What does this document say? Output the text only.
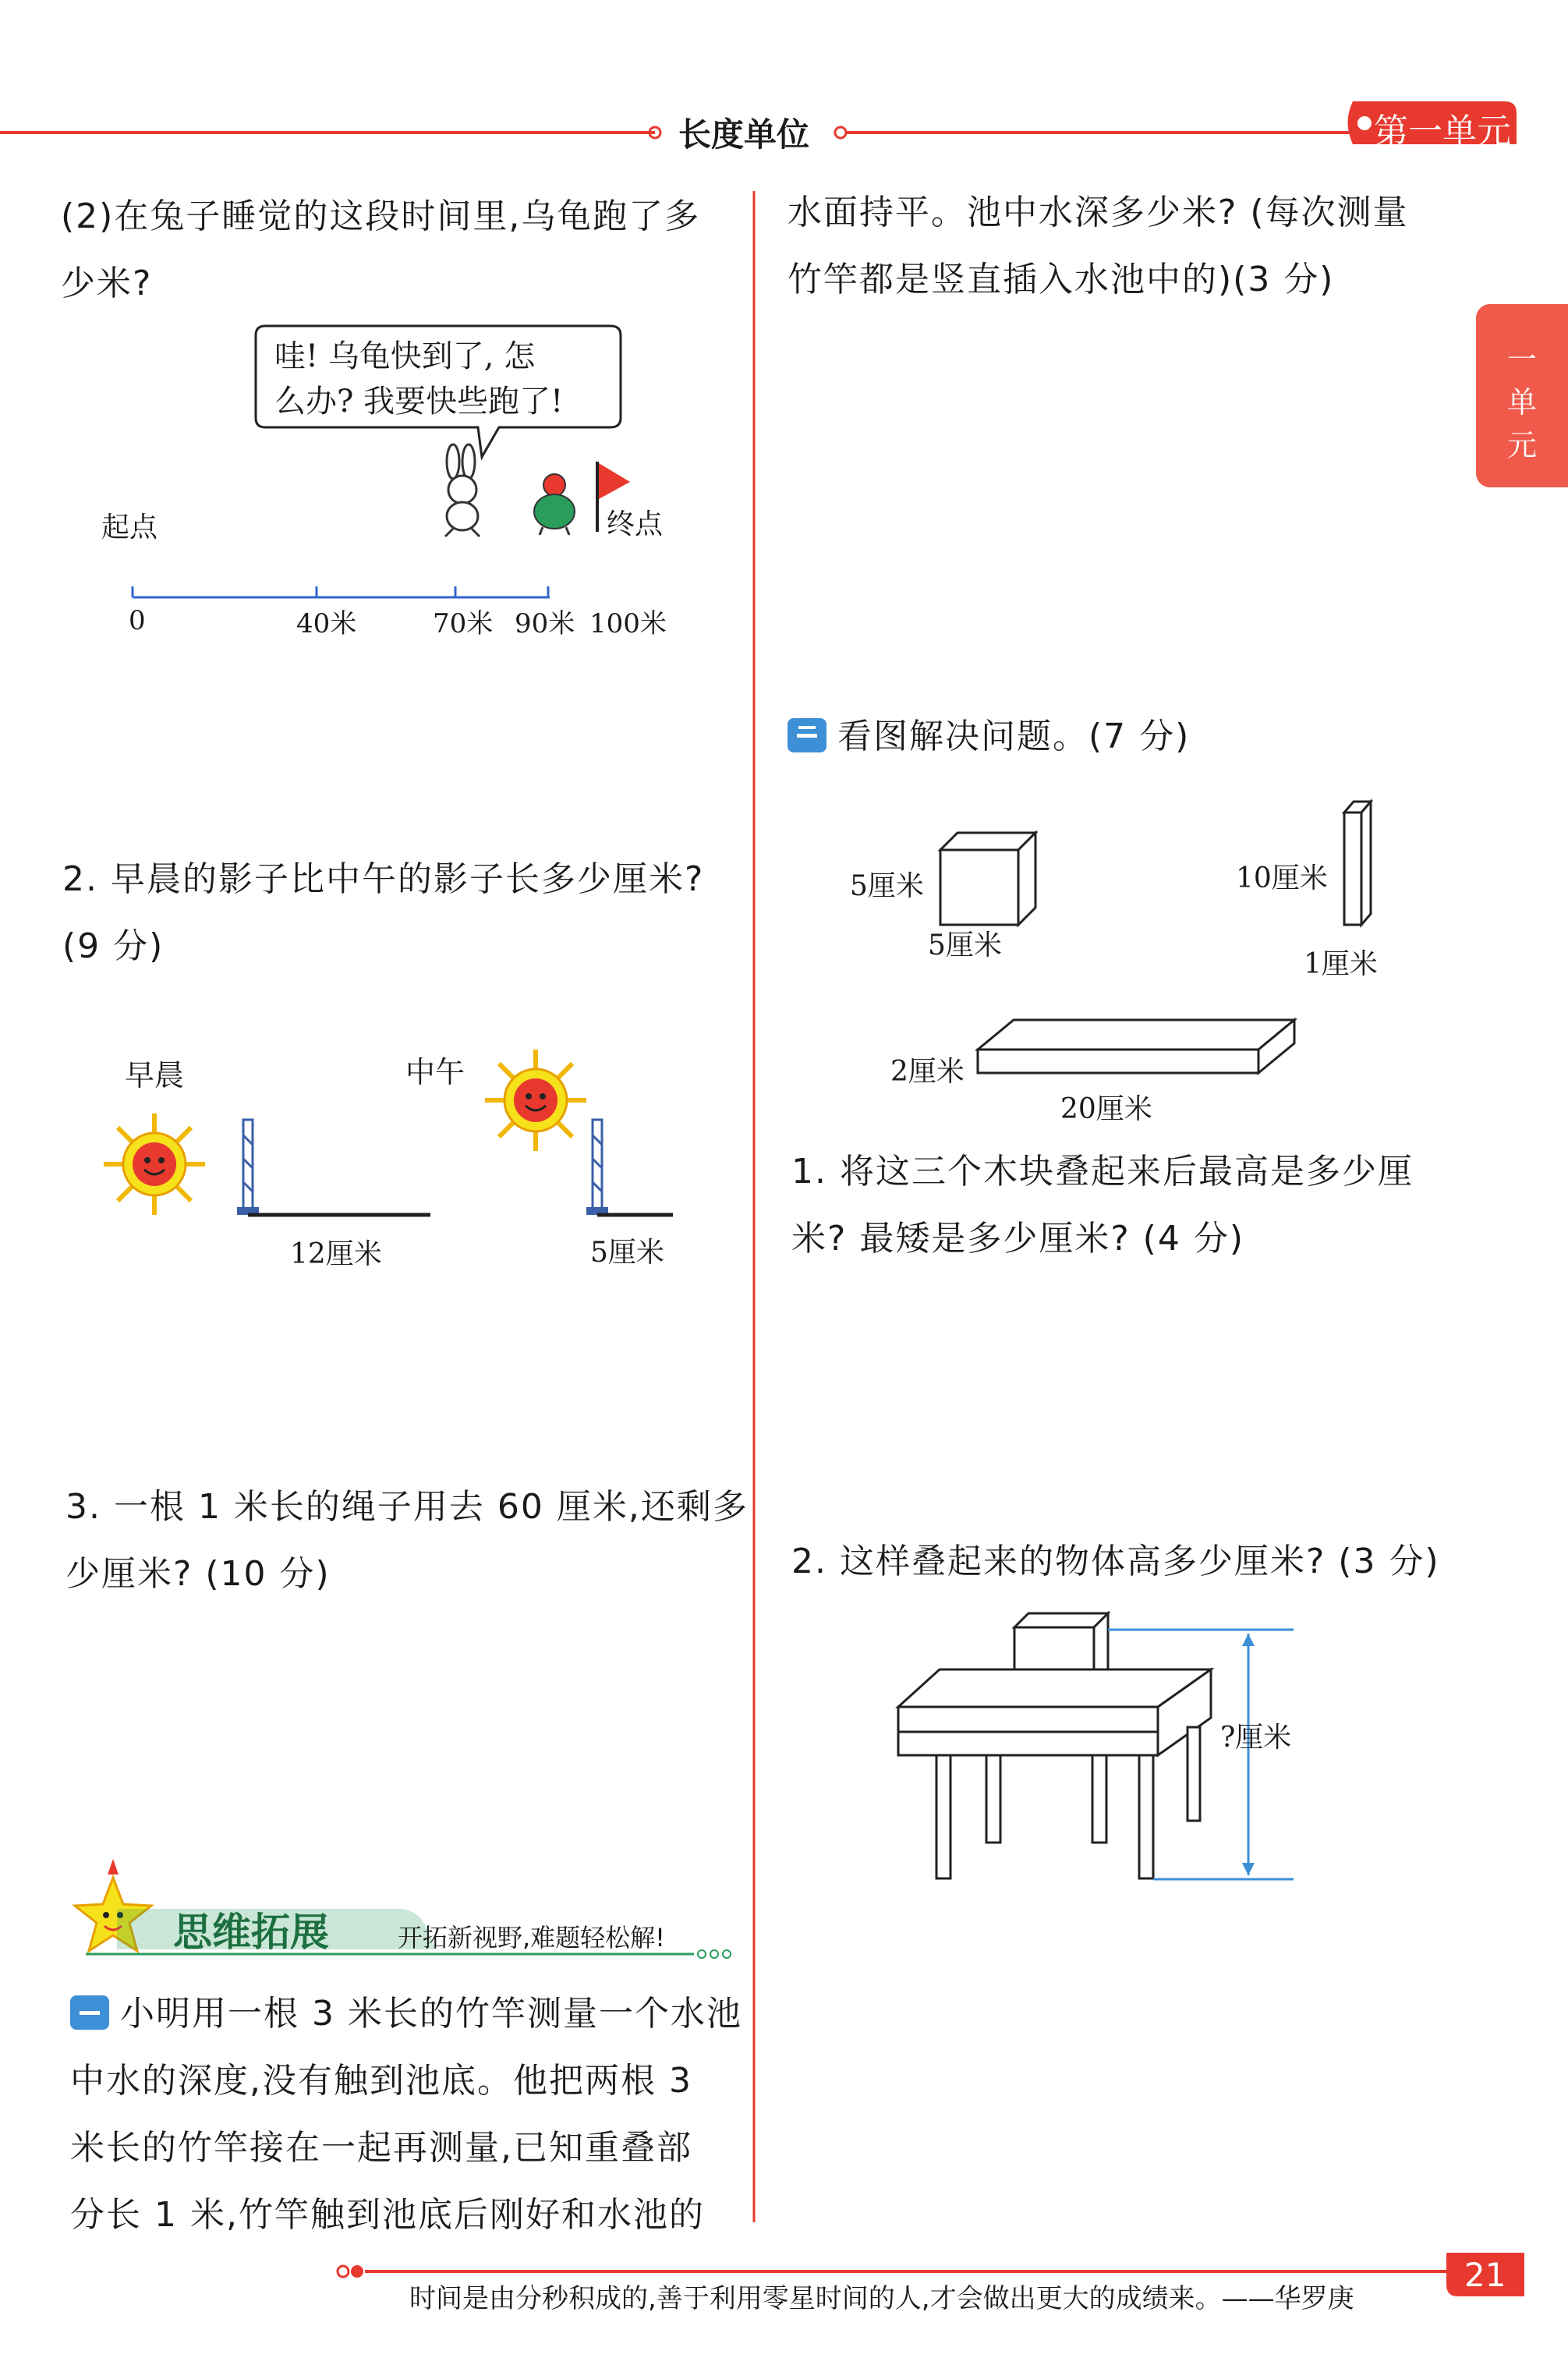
长度单位	第一单元
一
单
元
(2)在兔子睡觉的这段时间里,乌龟跑了多
少米?
哇! 乌龟快到了, 怎
么办? 我要快些跑了!
起点	终点
0	40米	70米 90米 100米
2. 早晨的影子比中午的影子长多少厘米?
(9 分)
早晨	中午
12厘米	5厘米
3. 一根 1 米长的绳子用去 60 厘米,还剩多
少厘米? (10 分)
思维拓展	开拓新视野,难题轻松解!
小明用一根 3 米长的竹竿测量一个水池
中水的深度,没有触到池底。他把两根 3
米长的竹竿接在一起再测量,已知重叠部
分长 1 米,竹竿触到池底后刚好和水池的
水面持平。池中水深多少米? (每次测量
竹竿都是竖直插入水池中的)(3 分)
看图解决问题。(7 分)
5厘米
5厘米
10厘米
1厘米
2厘米
20厘米
1. 将这三个木块叠起来后最高是多少厘
米? 最矮是多少厘米? (4 分)
2. 这样叠起来的物体高多少厘米? (3 分)
?厘米
时间是由分秒积成的,善于利用零星时间的人,才会做出更大的成绩来。——华罗庚
21
